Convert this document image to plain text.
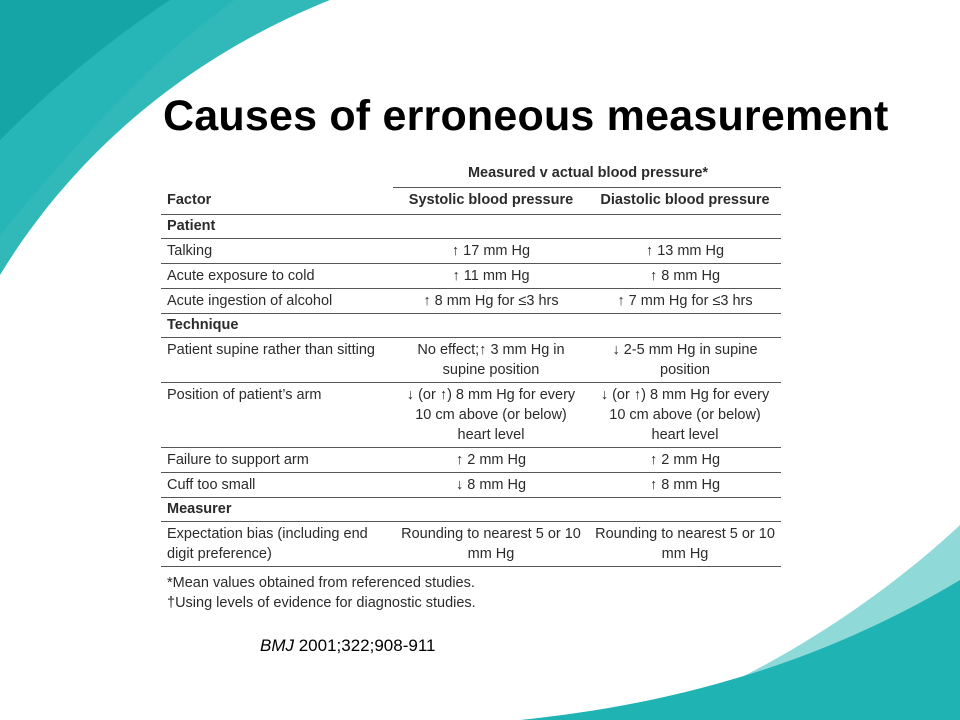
Causes of erroneous measurement
	Measured v actual blood pressure*	
Factor	Systolic blood pressure	Diastolic blood pressure
Patient		
Talking	↑ 17 mm Hg	↑ 13 mm Hg
Acute exposure to cold	↑ 11 mm Hg	↑ 8 mm Hg
Acute ingestion of alcohol	↑ 8 mm Hg for ≤3 hrs	↑ 7 mm Hg for ≤3 hrs
Technique		
Patient supine rather than sitting	No effect;↑ 3 mm Hg in supine position	↓ 2-5 mm Hg in supine position
Position of patient’s arm	↓ (or ↑) 8 mm Hg for every 10 cm above (or below) heart level	↓ (or ↑) 8 mm Hg for every 10 cm above (or below) heart level
Failure to support arm	↑ 2 mm Hg	↑ 2 mm Hg
Cuff too small	↓ 8 mm Hg	↑ 8 mm Hg
Measurer		
Expectation bias (including end digit preference)	Rounding to nearest 5 or 10 mm Hg	Rounding to nearest 5 or 10 mm Hg
*Mean values obtained from referenced studies.
†Using levels of evidence for diagnostic studies.
BMJ 2001;322;908-911
